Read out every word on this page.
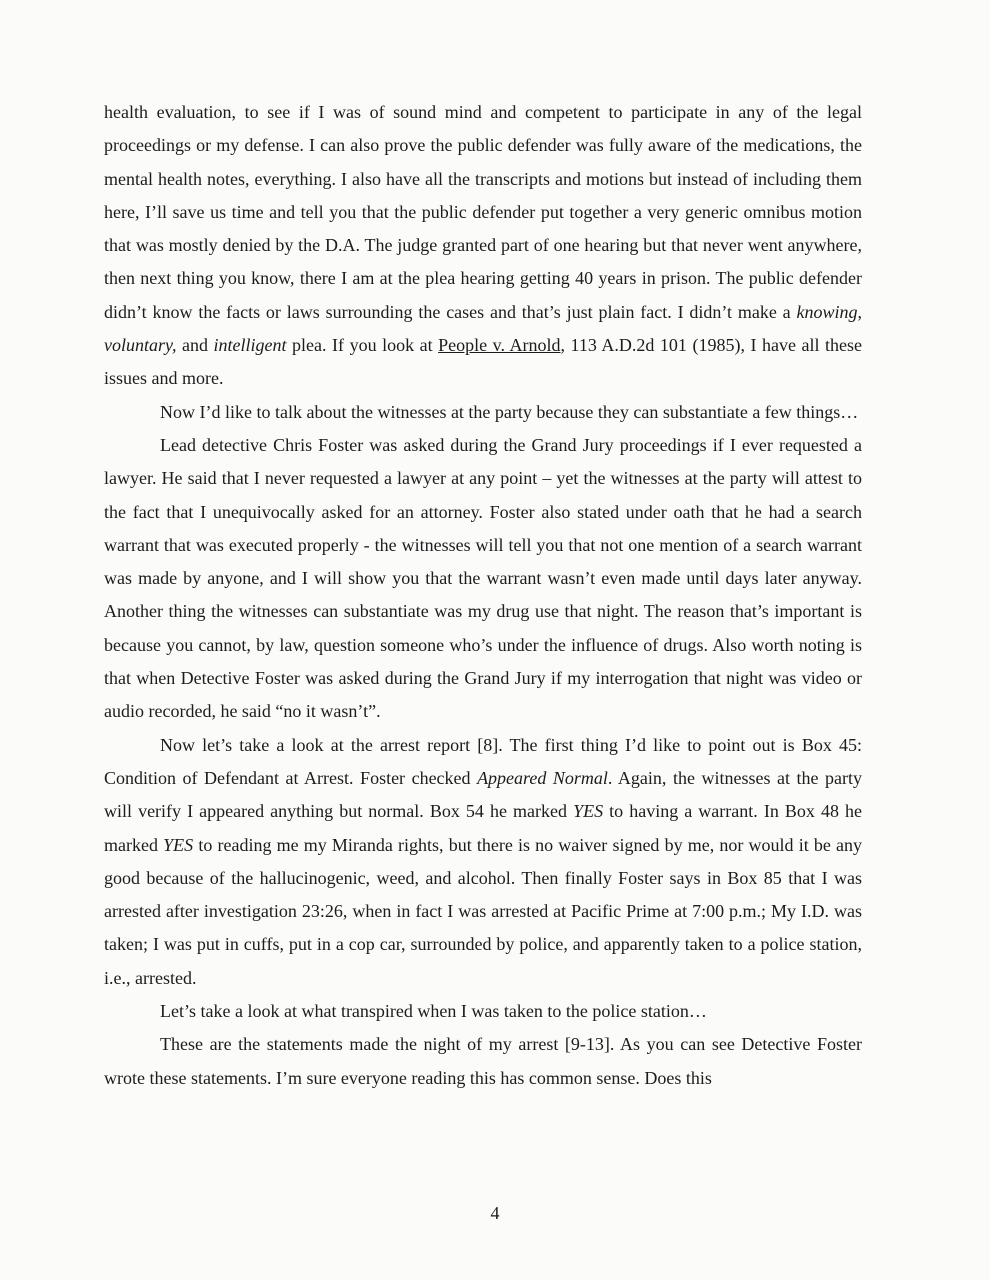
health evaluation, to see if I was of sound mind and competent to participate in any of the legal proceedings or my defense. I can also prove the public defender was fully aware of the medications, the mental health notes, everything. I also have all the transcripts and motions but instead of including them here, I’ll save us time and tell you that the public defender put together a very generic omnibus motion that was mostly denied by the D.A. The judge granted part of one hearing but that never went anywhere, then next thing you know, there I am at the plea hearing getting 40 years in prison. The public defender didn’t know the facts or laws surrounding the cases and that’s just plain fact. I didn’t make a knowing, voluntary, and intelligent plea. If you look at People v. Arnold, 113 A.D.2d 101 (1985), I have all these issues and more.

Now I’d like to talk about the witnesses at the party because they can substantiate a few things…

Lead detective Chris Foster was asked during the Grand Jury proceedings if I ever requested a lawyer. He said that I never requested a lawyer at any point – yet the witnesses at the party will attest to the fact that I unequivocally asked for an attorney. Foster also stated under oath that he had a search warrant that was executed properly - the witnesses will tell you that not one mention of a search warrant was made by anyone, and I will show you that the warrant wasn’t even made until days later anyway. Another thing the witnesses can substantiate was my drug use that night. The reason that’s important is because you cannot, by law, question someone who’s under the influence of drugs. Also worth noting is that when Detective Foster was asked during the Grand Jury if my interrogation that night was video or audio recorded, he said “no it wasn’t”.

Now let’s take a look at the arrest report [8]. The first thing I’d like to point out is Box 45: Condition of Defendant at Arrest. Foster checked Appeared Normal. Again, the witnesses at the party will verify I appeared anything but normal. Box 54 he marked YES to having a warrant. In Box 48 he marked YES to reading me my Miranda rights, but there is no waiver signed by me, nor would it be any good because of the hallucinogenic, weed, and alcohol. Then finally Foster says in Box 85 that I was arrested after investigation 23:26, when in fact I was arrested at Pacific Prime at 7:00 p.m.; My I.D. was taken; I was put in cuffs, put in a cop car, surrounded by police, and apparently taken to a police station, i.e., arrested.

Let’s take a look at what transpired when I was taken to the police station…

These are the statements made the night of my arrest [9-13]. As you can see Detective Foster wrote these statements. I’m sure everyone reading this has common sense. Does this

4
